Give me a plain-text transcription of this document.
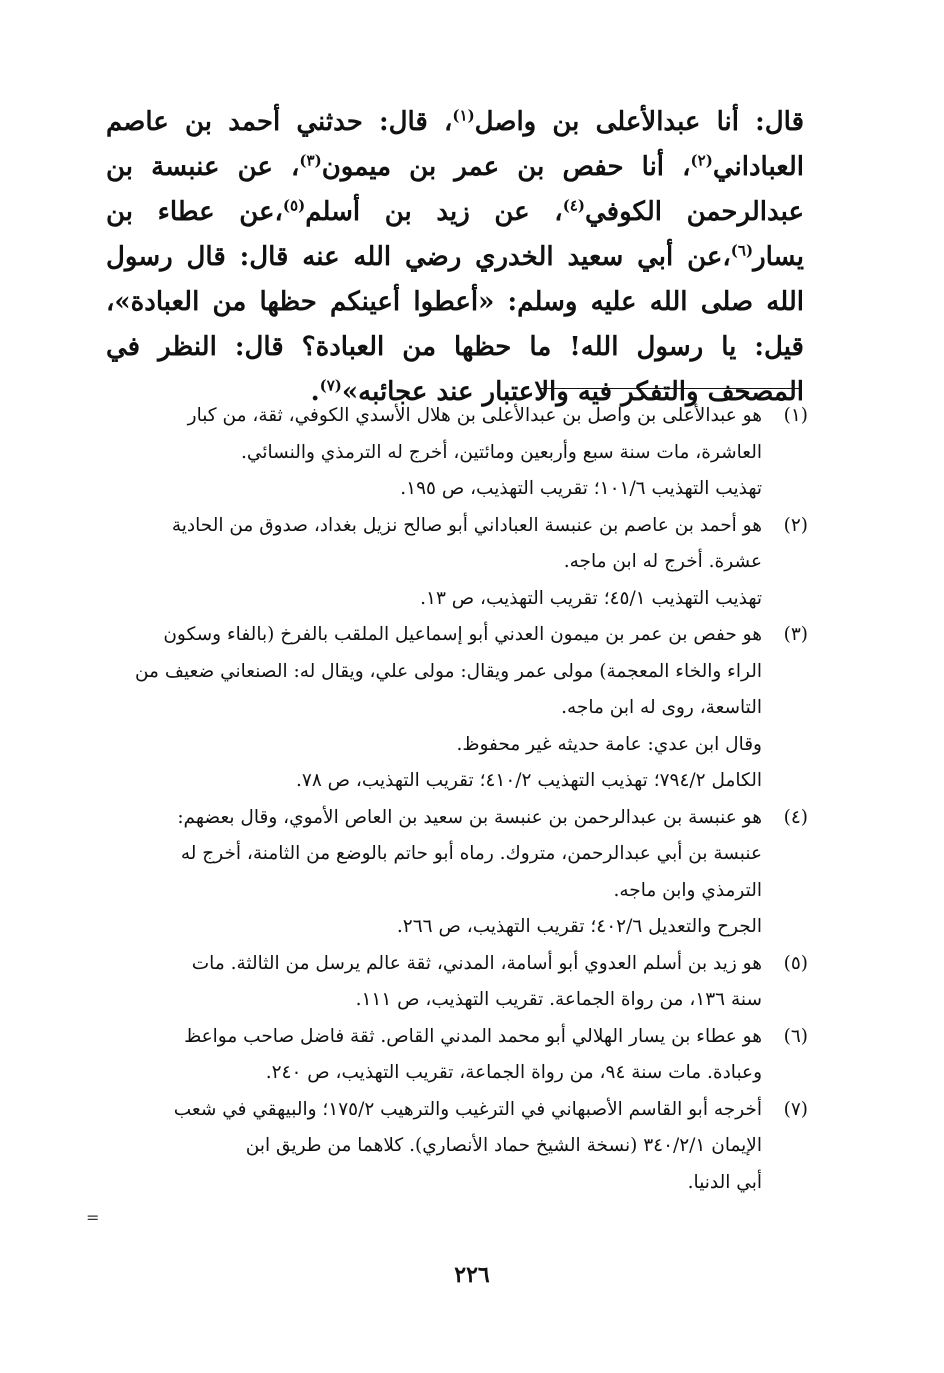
قال: أنا عبدالأعلى بن واصل$^{(١)}$، قال: حدثني أحمد بن عاصم العباداني$^{(٢)}$، أنا حفص بن عمر بن ميمون$^{(٣)}$، عن عنبسة بن عبدالرحمن الكوفي$^{(٤)}$، عن زيد بن أسلم$^{(٥)}$،عن عطاء بن يسار$^{(٦)}$،عن أبي سعيد الخدري رضي الله عنه قال: قال رسول الله صلى الله عليه وسلم: «أعطوا أعينكم حظها من العبادة»، قيل: يا رسول الله! ما حظها من العبادة؟ قال: النظر في المصحف والتفكر فيه والاعتبار عند عجائبه»$^{(٧)}$.

(١)
هو عبدالأعلى بن واصل بن عبدالأعلى بن هلال الأسدي الكوفي، ثقة، من كبار
العاشرة، مات سنة سبع وأربعين ومائتين، أخرج له الترمذي والنسائي.
تهذيب التهذيب ١٠١/٦؛ تقريب التهذيب، ص ١٩٥.
(٢)
هو أحمد بن عاصم بن عنبسة العباداني أبو صالح نزيل بغداد، صدوق من الحادية
عشرة. أخرج له ابن ماجه.
تهذيب التهذيب ٤٥/١؛ تقريب التهذيب، ص ١٣.
(٣)
هو حفص بن عمر بن ميمون العدني أبو إسماعيل الملقب بالفرخ (بالفاء وسكون
الراء والخاء المعجمة) مولى عمر ويقال: مولى علي، ويقال له: الصنعاني ضعيف من
التاسعة، روى له ابن ماجه.
وقال ابن عدي: عامة حديثه غير محفوظ.
الكامل ٧٩٤/٢؛ تهذيب التهذيب ٤١٠/٢؛ تقريب التهذيب، ص ٧٨.
(٤)
هو عنبسة بن عبدالرحمن بن عنبسة بن سعيد بن العاص الأموي، وقال بعضهم:
عنبسة بن أبي عبدالرحمن، متروك. رماه أبو حاتم بالوضع من الثامنة، أخرج له
الترمذي وابن ماجه.
الجرح والتعديل ٤٠٢/٦؛ تقريب التهذيب، ص ٢٦٦.
(٥)
هو زيد بن أسلم العدوي أبو أسامة، المدني، ثقة عالم يرسل من الثالثة. مات
سنة ١٣٦، من رواة الجماعة. تقريب التهذيب، ص ١١١.
(٦)
هو عطاء بن يسار الهلالي أبو محمد المدني القاص. ثقة فاضل صاحب مواعظ
وعبادة. مات سنة ٩٤، من رواة الجماعة، تقريب التهذيب، ص ٢٤٠.
(٧)
أخرجه أبو القاسم الأصبهاني في الترغيب والترهيب ١٧٥/٢؛ والبيهقي في شعب
الإيمان ٣٤٠/٢/١ (نسخة الشيخ حماد الأنصاري). كلاهما من طريق ابن
أبي الدنيا.
=
٢٢٦
